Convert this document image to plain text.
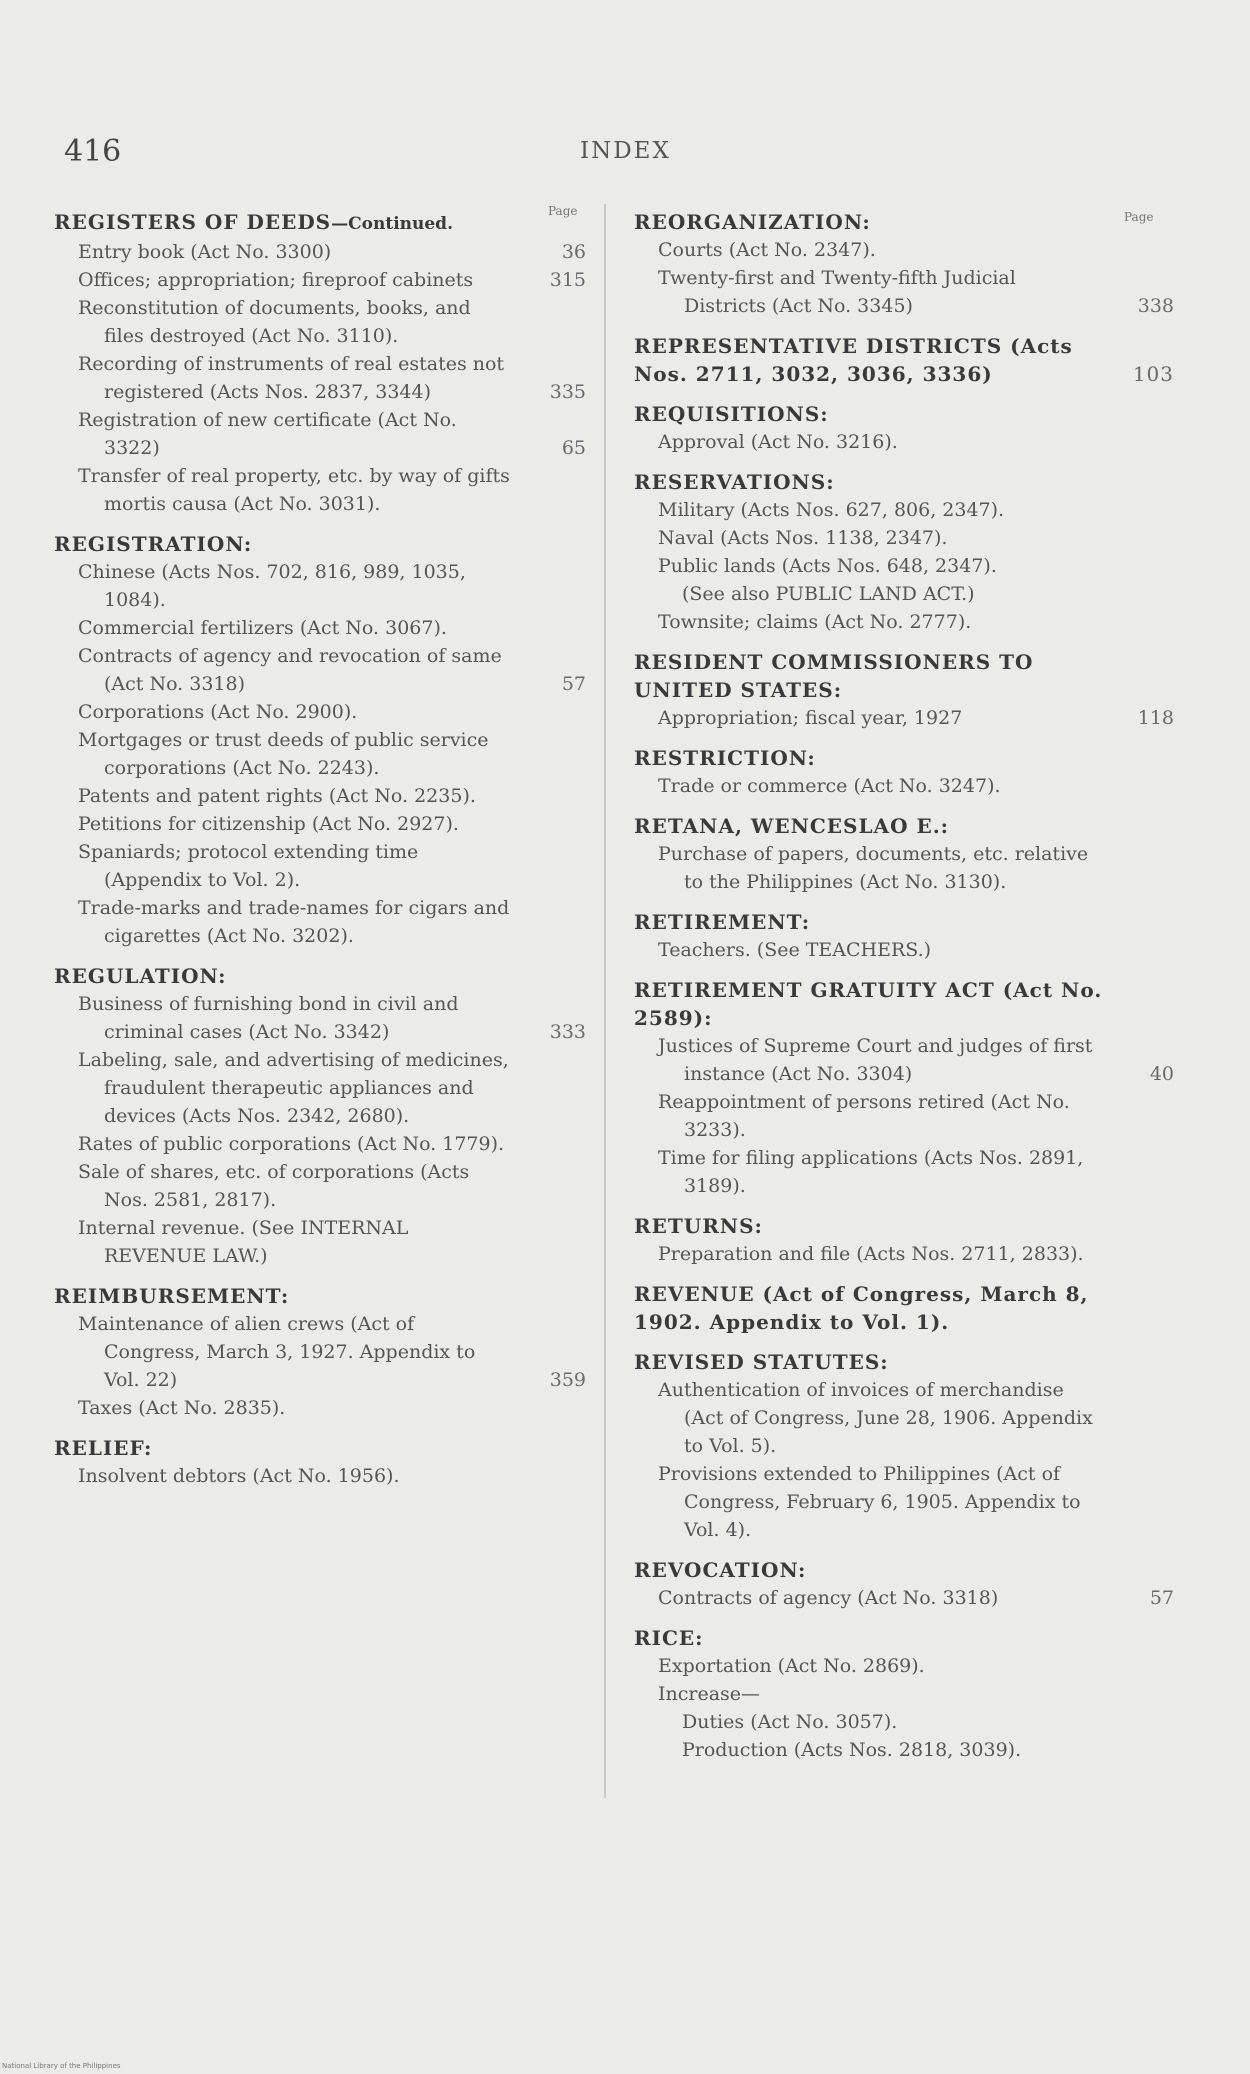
416	INDEX
Page
REGISTERS OF DEEDS—Continued.
Entry book (Act No. 3300)	36
Offices; appropriation; fireproof cabinets	315
Reconstitution of documents, books, and files destroyed (Act No. 3110).
Recording of instruments of real estates not registered (Acts Nos. 2837, 3344)	335
Registration of new certificate (Act No. 3322)	65
Transfer of real property, etc. by way of gifts mortis causa (Act No. 3031).
REGISTRATION:
Chinese (Acts Nos. 702, 816, 989, 1035, 1084).
Commercial fertilizers (Act No. 3067).
Contracts of agency and revocation of same (Act No. 3318)	57
Corporations (Act No. 2900).
Mortgages or trust deeds of public service corporations (Act No. 2243).
Patents and patent rights (Act No. 2235).
Petitions for citizenship (Act No. 2927).
Spaniards; protocol extending time (Appendix to Vol. 2).
Trade-marks and trade-names for cigars and cigarettes (Act No. 3202).
REGULATION:
Business of furnishing bond in civil and criminal cases (Act No. 3342)	333
Labeling, sale, and advertising of medicines, fraudulent therapeutic appliances and devices (Acts Nos. 2342, 2680).
Rates of public corporations (Act No. 1779).
Sale of shares, etc. of corporations (Acts Nos. 2581, 2817).
Internal revenue. (See INTERNAL REVENUE LAW.)
REIMBURSEMENT:
Maintenance of alien crews (Act of Congress, March 3, 1927. Appendix to Vol. 22)	359
Taxes (Act No. 2835).
RELIEF:
Insolvent debtors (Act No. 1956).
Page
REORGANIZATION:
Courts (Act No. 2347).
Twenty-first and Twenty-fifth Judicial Districts (Act No. 3345)	338
REPRESENTATIVE DISTRICTS (Acts Nos. 2711, 3032, 3036, 3336)	103
REQUISITIONS:
Approval (Act No. 3216).
RESERVATIONS:
Military (Acts Nos. 627, 806, 2347).
Naval (Acts Nos. 1138, 2347).
Public lands (Acts Nos. 648, 2347).
(See also PUBLIC LAND ACT.)
Townsite; claims (Act No. 2777).
RESIDENT COMMISSIONERS TO UNITED STATES:
Appropriation; fiscal year, 1927	118
RESTRICTION:
Trade or commerce (Act No. 3247).
RETANA, WENCESLAO E.:
Purchase of papers, documents, etc. relative to the Philippines (Act No. 3130).
RETIREMENT:
Teachers. (See TEACHERS.)
RETIREMENT GRATUITY ACT (Act No. 2589):
Justices of Supreme Court and judges of first instance (Act No. 3304)	40
Reappointment of persons retired (Act No. 3233).
Time for filing applications (Acts Nos. 2891, 3189).
RETURNS:
Preparation and file (Acts Nos. 2711, 2833).
REVENUE (Act of Congress, March 8, 1902. Appendix to Vol. 1).
REVISED STATUTES:
Authentication of invoices of merchandise (Act of Congress, June 28, 1906. Appendix to Vol. 5).
Provisions extended to Philippines (Act of Congress, February 6, 1905. Appendix to Vol. 4).
REVOCATION:
Contracts of agency (Act No. 3318)	57
RICE:
Exportation (Act No. 2869).
Increase—
Duties (Act No. 3057).
Production (Acts Nos. 2818, 3039).
National Library of the Philippines
